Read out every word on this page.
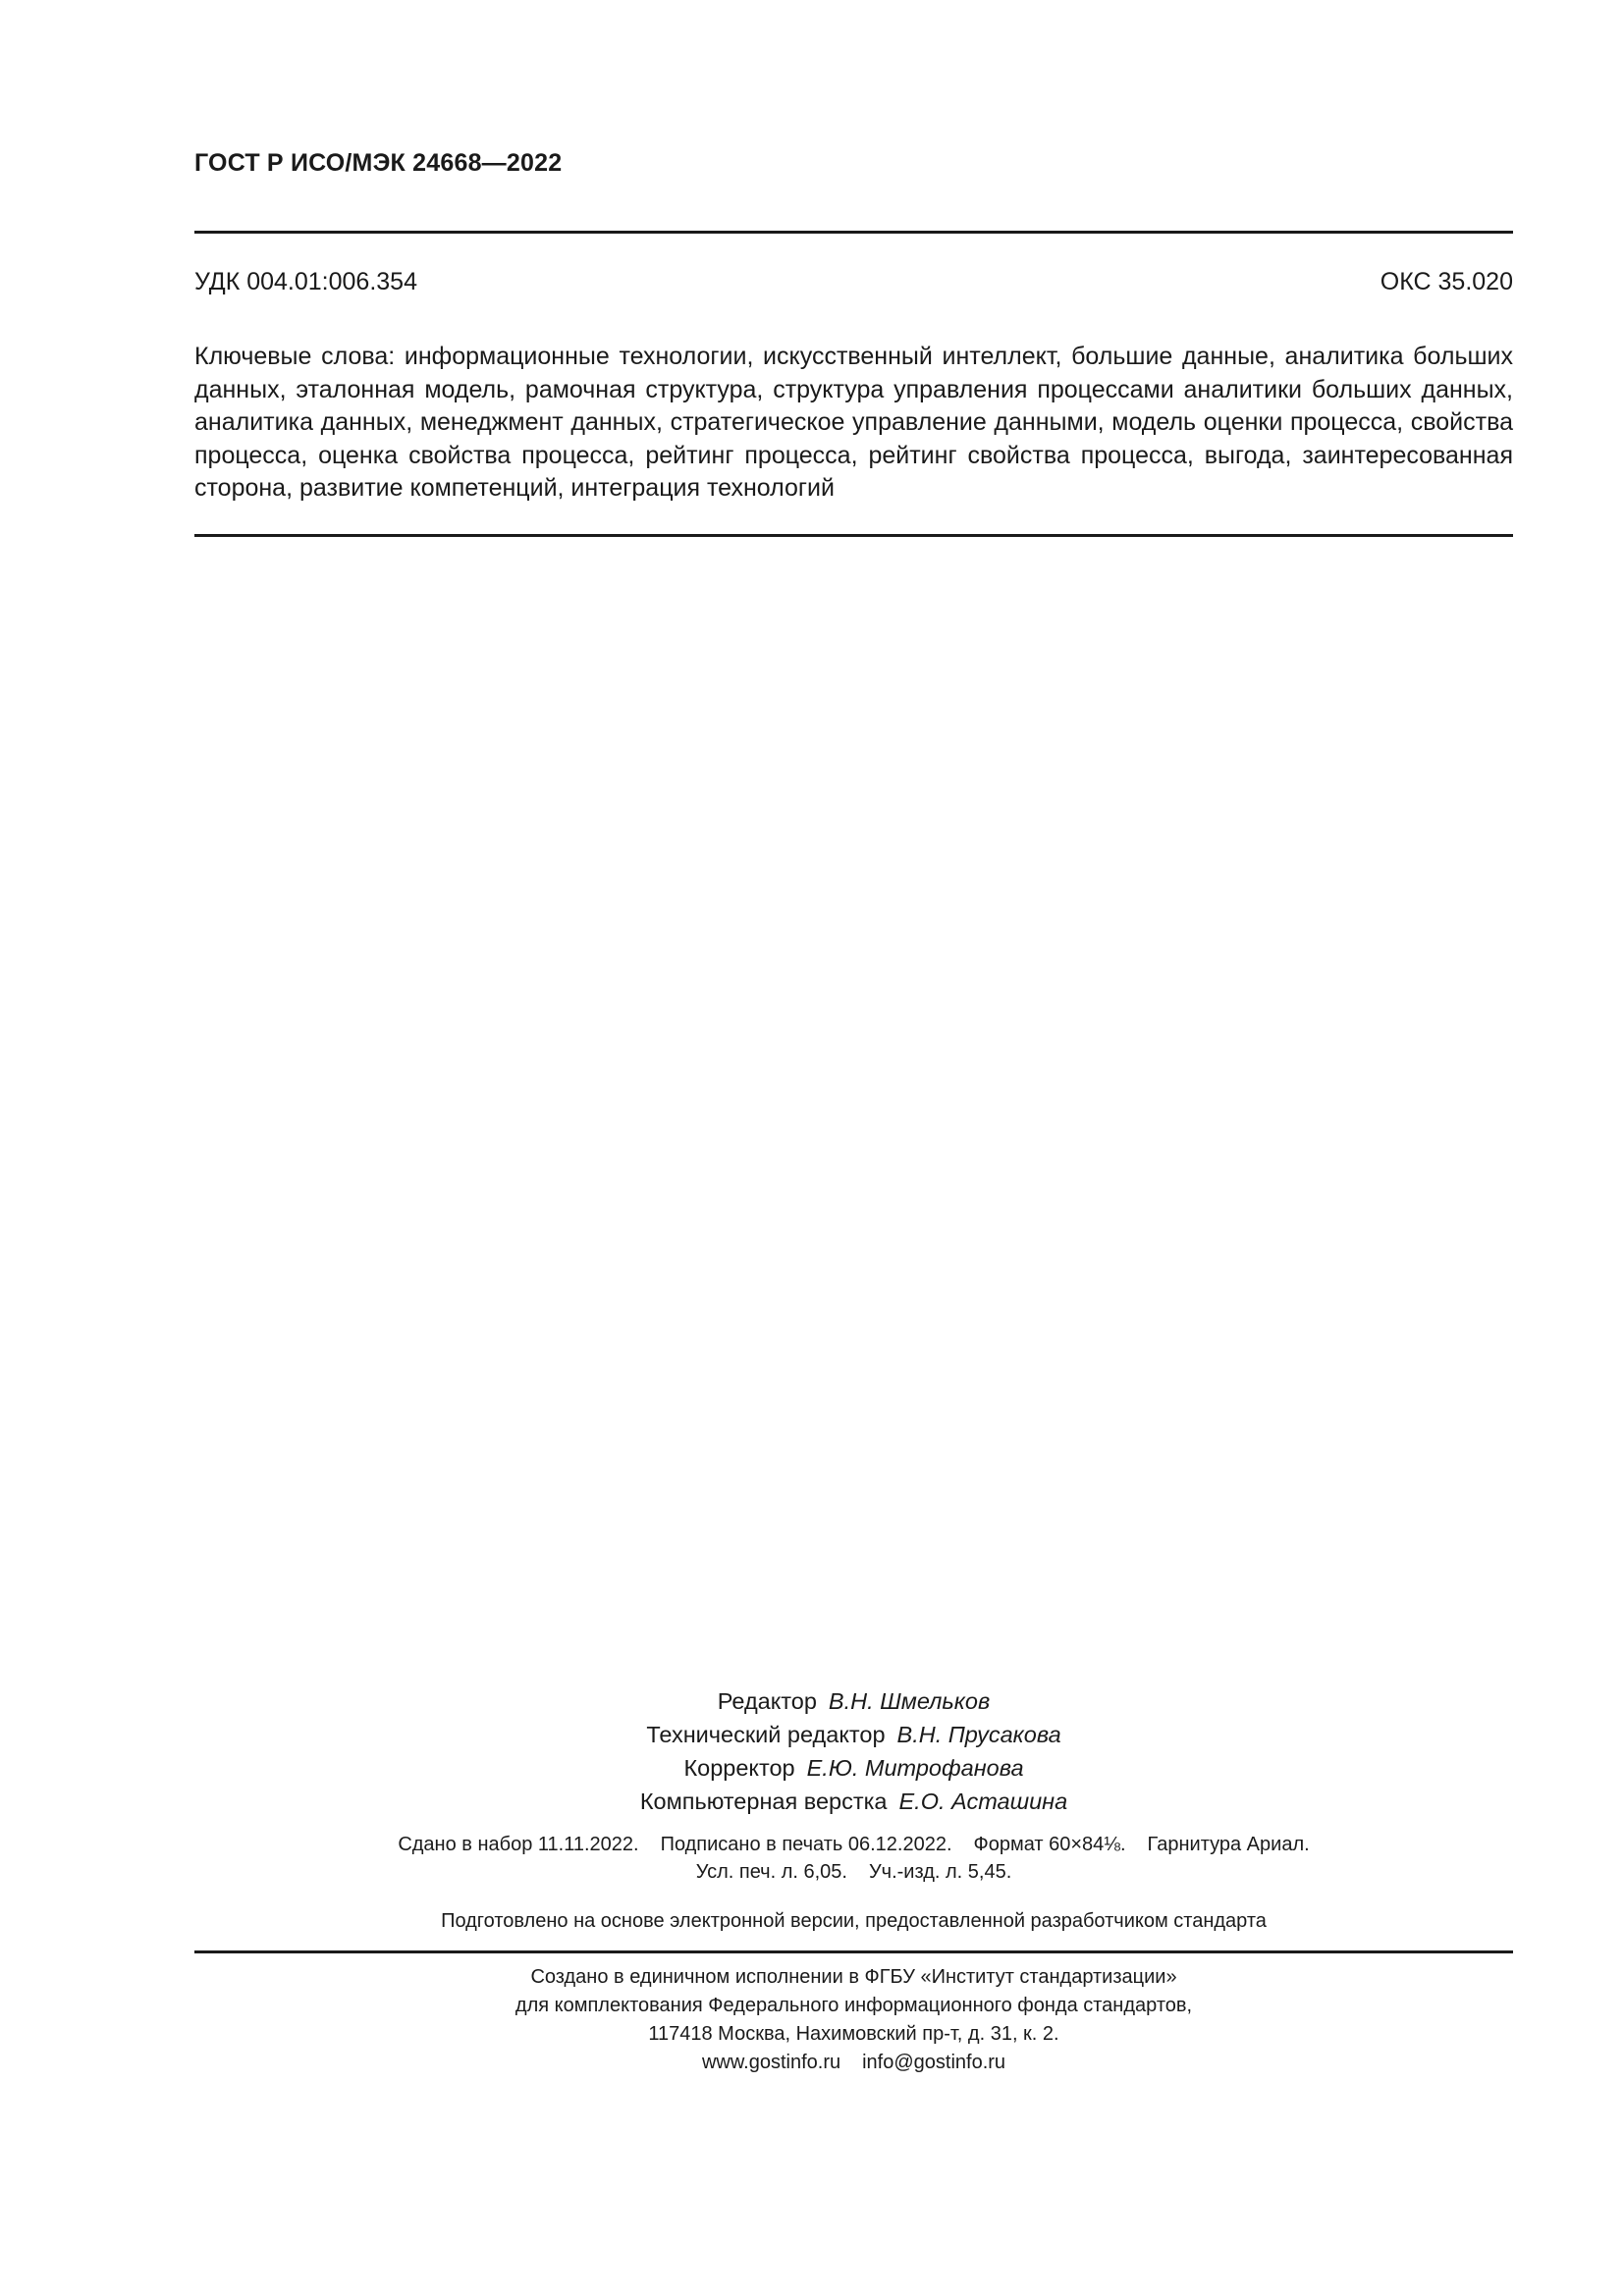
ГОСТ Р ИСО/МЭК 24668—2022
УДК 004.01:006.354	ОКС 35.020
Ключевые слова: информационные технологии, искусственный интеллект, большие данные, аналитика больших данных, эталонная модель, рамочная структура, структура управления процессами аналитики больших данных, аналитика данных, менеджмент данных, стратегическое управление данными, модель оценки процесса, свойства процесса, оценка свойства процесса, рейтинг процесса, рейтинг свойства процесса, выгода, заинтересованная сторона, развитие компетенций, интеграция технологий
Редактор В.Н. Шмельков
Технический редактор В.Н. Прусакова
Корректор Е.Ю. Митрофанова
Компьютерная верстка Е.О. Асташина
Сдано в набор 11.11.2022. Подписано в печать 06.12.2022. Формат 60×84⅛. Гарнитура Ариал.
Усл. печ. л. 6,05. Уч.-изд. л. 5,45.
Подготовлено на основе электронной версии, предоставленной разработчиком стандарта
Создано в единичном исполнении в ФГБУ «Институт стандартизации»
для комплектования Федерального информационного фонда стандартов,
117418 Москва, Нахимовский пр-т, д. 31, к. 2.
www.gostinfo.ru info@gostinfo.ru
